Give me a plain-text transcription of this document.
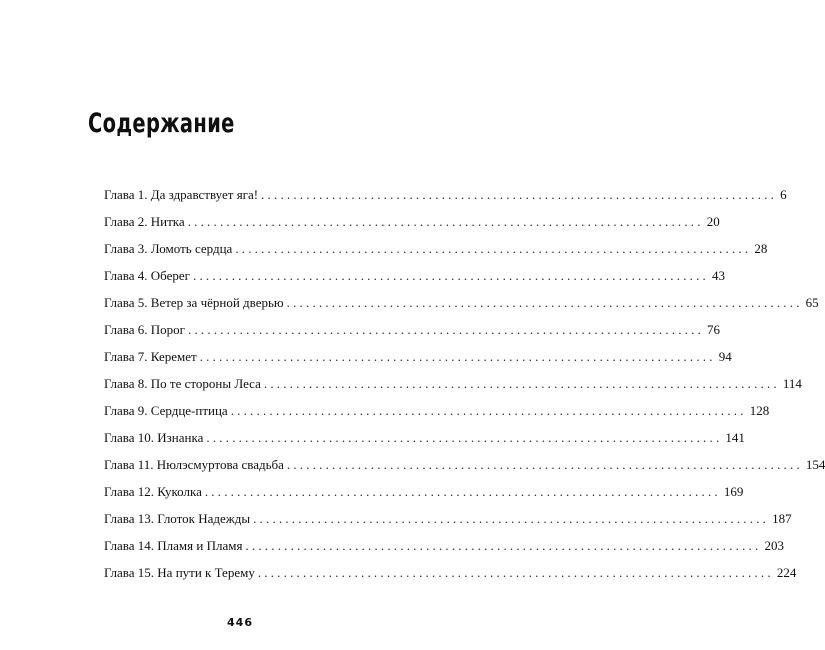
Содержание
Глава 1. Да здравствует яга! ................................................................................ 6
Глава 2. Нитка ................................................................................ 20
Глава 3. Ломоть сердца ................................................................................ 28
Глава 4. Оберег ................................................................................ 43
Глава 5. Ветер за чёрной дверью ................................................................................ 65
Глава 6. Порог ................................................................................ 76
Глава 7. Керемет ................................................................................ 94
Глава 8. По те стороны Леса ................................................................................ 114
Глава 9. Сердце-птица ................................................................................ 128
Глава 10. Изнанка ................................................................................ 141
Глава 11. Нюлэсмуртова свадьба ................................................................................ 154
Глава 12. Куколка ................................................................................ 169
Глава 13. Глоток Надежды ................................................................................ 187
Глава 14. Пламя и Пламя ................................................................................ 203
Глава 15. На пути к Терему ................................................................................ 224
446
